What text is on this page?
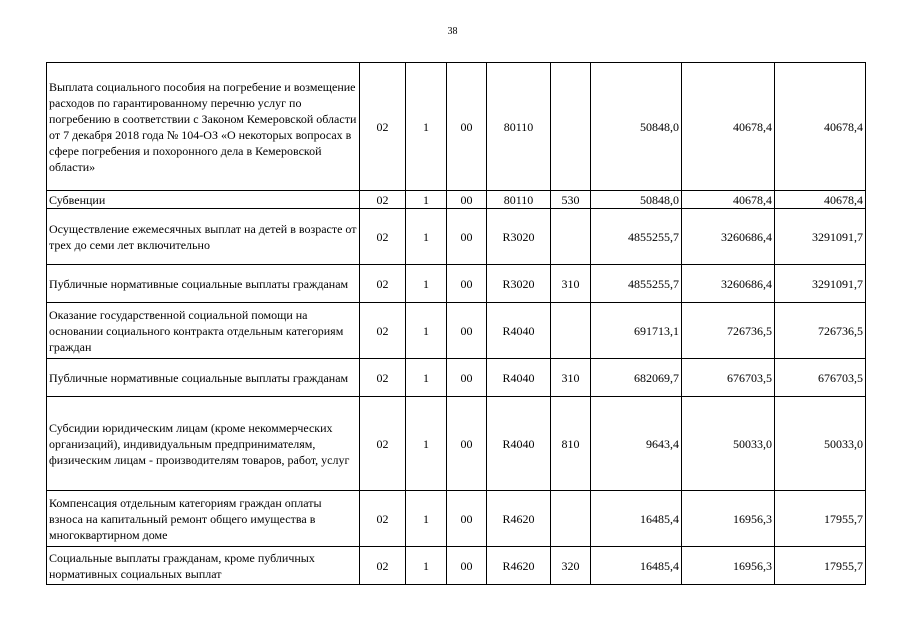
38
Выплата социального пособия на погребение и возмещение расходов по гарантированному перечню услуг по погребению в соответствии с Законом Кемеровской области от 7 декабря 2018 года № 104-ОЗ «О некоторых вопросах в сфере погребения и похоронного дела в Кемеровской области»	02	1	00	80110		50848,0	40678,4	40678,4
Субвенции	02	1	00	80110	530	50848,0	40678,4	40678,4
Осуществление ежемесячных выплат на детей в возрасте от трех до семи лет включительно	02	1	00	R3020		4855255,7	3260686,4	3291091,7
Публичные нормативные социальные выплаты гражданам	02	1	00	R3020	310	4855255,7	3260686,4	3291091,7
Оказание государственной социальной помощи на основании социального контракта отдельным категориям граждан	02	1	00	R4040		691713,1	726736,5	726736,5
Публичные нормативные социальные выплаты гражданам	02	1	00	R4040	310	682069,7	676703,5	676703,5
Субсидии юридическим лицам (кроме некоммерческих организаций), индивидуальным предпринимателям, физическим лицам - производителям товаров, работ, услуг	02	1	00	R4040	810	9643,4	50033,0	50033,0
Компенсация отдельным категориям граждан оплаты взноса на капитальный ремонт общего имущества в многоквартирном доме	02	1	00	R4620		16485,4	16956,3	17955,7
Социальные выплаты гражданам, кроме публичных нормативных социальных выплат	02	1	00	R4620	320	16485,4	16956,3	17955,7
